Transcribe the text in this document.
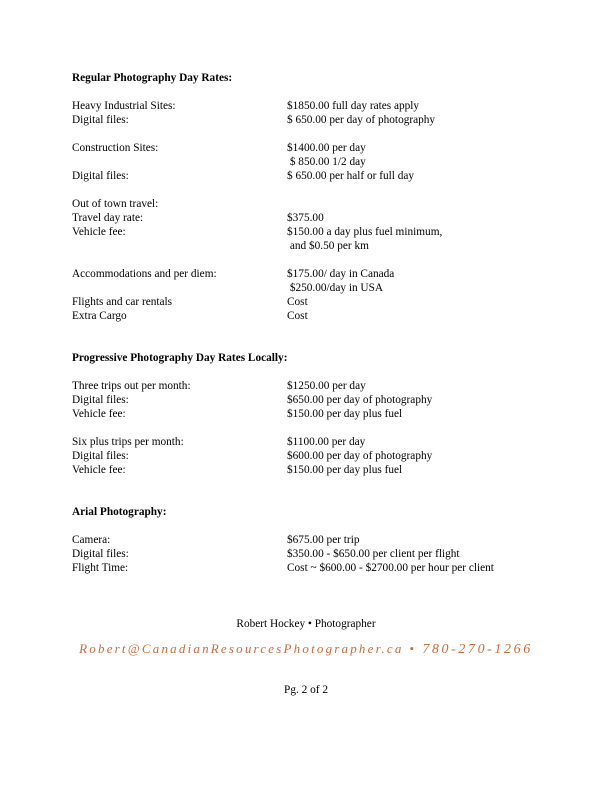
Regular Photography Day Rates:
Heavy Industrial Sites:	$1850.00 full day rates apply
Digital files:	$ 650.00 per day of photography
Construction Sites:	$1400.00 per day
$ 850.00 1/2 day
Digital files:	$ 650.00 per half or full day
Out of town travel:
Travel day rate:	$375.00
Vehicle fee:	$150.00 a day plus fuel minimum,
and $0.50 per km
Accommodations and per diem:	$175.00/ day in Canada
$250.00/day in USA
Flights and car rentals	Cost
Extra Cargo	Cost
Progressive Photography Day Rates Locally:
Three trips out per month:	$1250.00 per day
Digital files:	$650.00 per day of photography
Vehicle fee:	$150.00 per day plus fuel
Six plus trips per month:	$1100.00 per day
Digital files:	$600.00 per day of photography
Vehicle fee:	$150.00 per day plus fuel
Arial Photography:
Camera:	$675.00 per trip
Digital files:	$350.00 - $650.00 per client per flight
Flight Time:	Cost ~ $600.00 - $2700.00 per hour per client
Robert Hockey • Photographer
Robert@CanadianResourcesPhotographer.ca • 780-270-1266
Pg. 2 of 2
